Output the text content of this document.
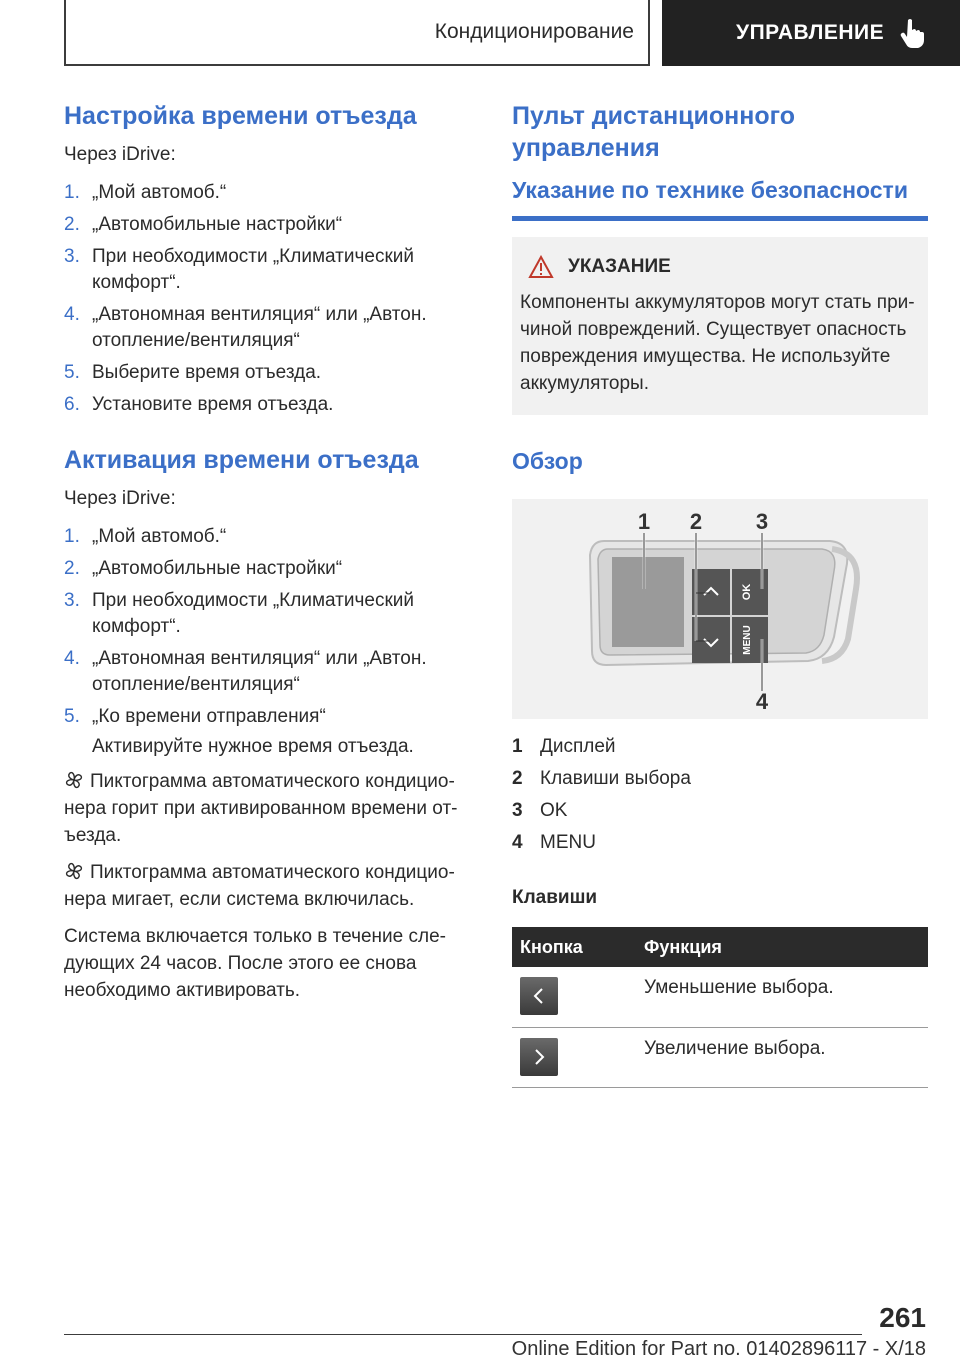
Кондиционирование	УПРАВЛЕНИЕ
Настройка времени отъезда
Через iDrive:
1. „Мой автомоб.“
2. „Автомобильные настройки“
3. При необходимости „Климатический комфорт“.
4. „Автономная вентиляция“ или „Автон. отопление/вентиляция“
5. Выберите время отъезда.
6. Установите время отъезда.
Активация времени отъезда
Через iDrive:
1. „Мой автомоб.“
2. „Автомобильные настройки“
3. При необходимости „Климатический комфорт“.
4. „Автономная вентиляция“ или „Автон. отопление/вентиляция“
5. „Ко времени отправления“
Активируйте нужное время отъезда.

Пиктограмма автоматического кондиционера горит при активированном времени отъезда.

Пиктограмма автоматического кондиционера мигает, если система включилась.

Система включается только в течение следующих 24 часов. После этого ее снова необходимо активировать.

Пульт дистанционного управления
Указание по технике безопасности
УКАЗАНИЕ
Компоненты аккумуляторов могут стать причиной повреждений. Существует опасность повреждения имущества. Не используйте аккумуляторы.
Обзор
OK
MENU
1 2 3
4
1 Дисплей
2 Клавиши выбора
3 OK
4 MENU
Клавиши
Кнопка	Функция

	Уменьшение выбора.

	Увеличение выбора.
261
Online Edition for Part no. 01402896117 - X/18
